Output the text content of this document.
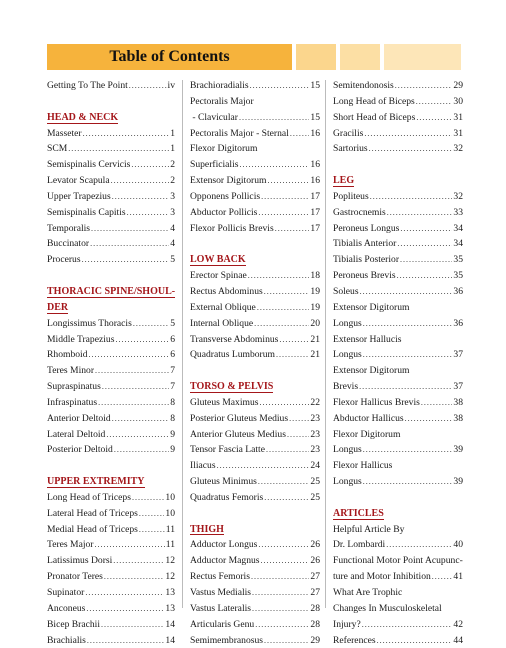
Table of Contents
Getting To The Point .....	iv
HEAD & NECK
Masseter .....	1
SCM .....	1
Semispinalis Cervicis .....	2
Levator Scapula .....	2
Upper Trapezius .....	3
Semispinalis Capitis .....	3
Temporalis .....	4
Buccinator .....	4
Procerus .....	5
THORACIC SPINE/SHOUL-
DER
Longissimus Thoracis .....	5
Middle Trapezius .....	6
Rhomboid .....	6
Teres Minor .....	7
Supraspinatus .....	7
Infraspinatus .....	8
Anterior Deltoid .....	8
Lateral Deltoid .....	9
Posterior Deltoid .....	9
UPPER EXTREMITY
Long Head of Triceps .....	10
Lateral Head of Triceps .....	10
Medial Head of Triceps .....	11
Teres Major .....	11
Latissimus Dorsi .....	12
Pronator Teres .....	12
Supinator .....	13
Anconeus .....	13
Bicep Brachii .....	14
Brachialis .....	14
Brachioradialis .....	15
Pectoralis Major
- Clavicular .....	15
Pectoralis Major - Sternal ..... 16
Flexor Digitorum
Superficialis .....	16
Extensor Digitorum .....	16
Opponens Pollicis .....	17
Abductor Pollicis .....	17
Flexor Pollicis Brevis .....	17
LOW BACK
Erector Spinae .....	18
Rectus Abdominus .....	19
External Oblique .....	19
Internal Oblique .....	20
Transverse Abdominus .....	21
Quadratus Lumborum .....	21
TORSO & PELVIS
Gluteus Maximus .....	22
Posterior Gluteus Medius ..... 23
Anterior Gluteus Medius .....	23
Tensor Fascia Latte .....	23
Iliacus .....	24
Gluteus Minimus .....	25
Quadratus Femoris .....	25
THIGH
Adductor Longus .....	26
Adductor Magnus .....	26
Rectus Femoris .....	27
Vastus Medialis .....	27
Vastus Lateralis .....	28
Articularis Genu .....	28
Semimembranosus .....	29
Semitendonosis .....	29
Long Head of Biceps .....	30
Short Head of Biceps .....	31
Gracilis .....	31
Sartorius .....	32
LEG
Popliteus .....	32
Gastrocnemis .....	33
Peroneus Longus .....	34
Tibialis Anterior .....	34
Tibialis Posterior .....	35
Peroneus Brevis .....	35
Soleus .....	36
Extensor Digitorum
Longus .....	36
Extensor Hallucis
Longus .....	37
Extensor Digitorum
Brevis .....	37
Flexor Hallicus Brevis .....	38
Abductor Hallicus .....	38
Flexor Digitorum
Longus .....	39
Flexor Hallicus
Longus .....	39
ARTICLES
Helpful Article By
Dr. Lombardi .....	40
Functional Motor Point Acupunc-
ture and Motor Inhibition ..... 41
What Are Trophic
Changes In Musculoskeletal
Injury? .....	42
References .....	44
